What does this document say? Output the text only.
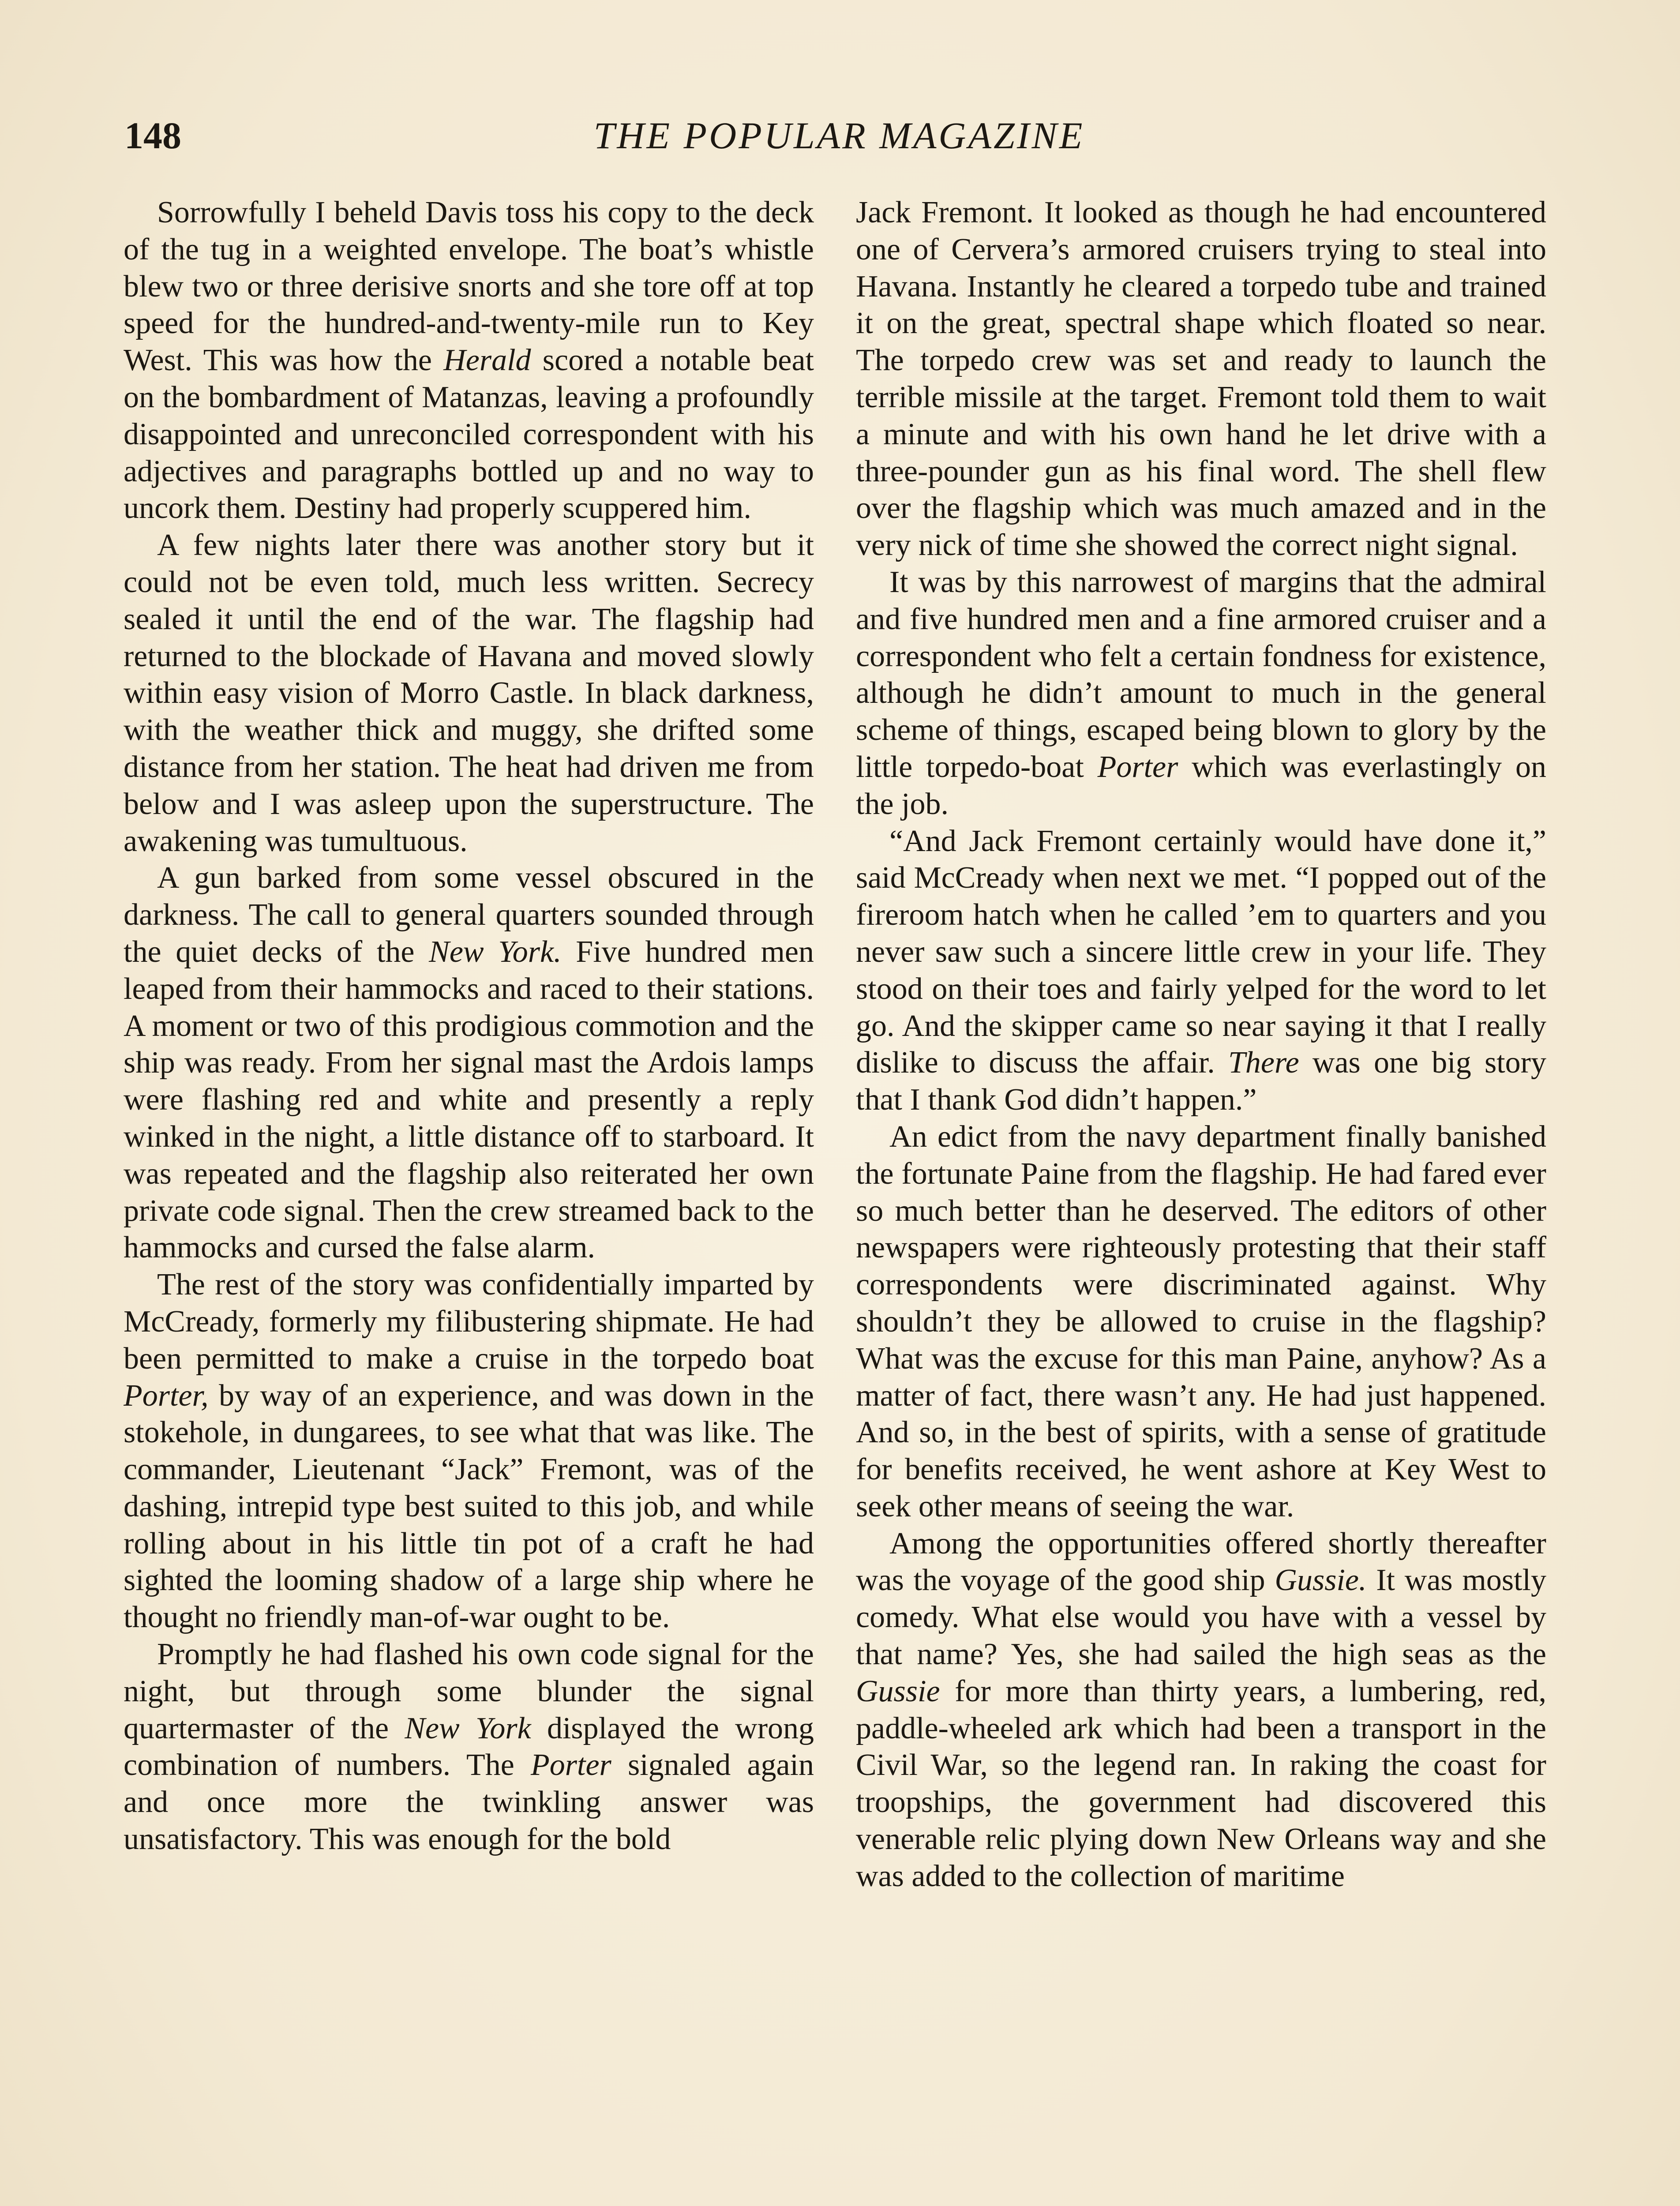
148	THE POPULAR MAGAZINE

Sorrowfully I beheld Davis toss his copy to the deck of the tug in a weighted envelope. The boat’s whistle blew two or three derisive snorts and she tore off at top speed for the hundred-and-twenty-mile run to Key West. This was how the Herald scored a notable beat on the bombardment of Matanzas, leaving a profoundly disappointed and unreconciled correspondent with his adjectives and paragraphs bottled up and no way to uncork them. Destiny had properly scuppered him.

A few nights later there was another story but it could not be even told, much less written. Secrecy sealed it until the end of the war. The flagship had returned to the blockade of Havana and moved slowly within easy vision of Morro Castle. In black darkness, with the weather thick and muggy, she drifted some distance from her station. The heat had driven me from below and I was asleep upon the superstructure. The awakening was tumultuous.

A gun barked from some vessel obscured in the darkness. The call to general quarters sounded through the quiet decks of the New York. Five hundred men leaped from their hammocks and raced to their stations. A moment or two of this prodigious commotion and the ship was ready. From her signal mast the Ardois lamps were flashing red and white and presently a reply winked in the night, a little distance off to starboard. It was repeated and the flagship also reiterated her own private code signal. Then the crew streamed back to the hammocks and cursed the false alarm.

The rest of the story was confidentially imparted by McCready, formerly my filibustering shipmate. He had been permitted to make a cruise in the torpedo boat Porter, by way of an experience, and was down in the stokehole, in dungarees, to see what that was like. The commander, Lieutenant “Jack” Fremont, was of the dashing, intrepid type best suited to this job, and while rolling about in his little tin pot of a craft he had sighted the looming shadow of a large ship where he thought no friendly man-of-war ought to be.

Promptly he had flashed his own code signal for the night, but through some blunder the signal quartermaster of the New York displayed the wrong combination of numbers. The Porter signaled again and once more the twinkling answer was unsatisfactory. This was enough for the bold

Jack Fremont. It looked as though he had encountered one of Cervera’s armored cruisers trying to steal into Havana. Instantly he cleared a torpedo tube and trained it on the great, spectral shape which floated so near. The torpedo crew was set and ready to launch the terrible missile at the target. Fremont told them to wait a minute and with his own hand he let drive with a three-pounder gun as his final word. The shell flew over the flagship which was much amazed and in the very nick of time she showed the correct night signal.

It was by this narrowest of margins that the admiral and five hundred men and a fine armored cruiser and a correspondent who felt a certain fondness for existence, although he didn’t amount to much in the general scheme of things, escaped being blown to glory by the little torpedo-boat Porter which was everlastingly on the job.

“And Jack Fremont certainly would have done it,” said McCready when next we met. “I popped out of the fireroom hatch when he called ’em to quarters and you never saw such a sincere little crew in your life. They stood on their toes and fairly yelped for the word to let go. And the skipper came so near saying it that I really dislike to discuss the affair. There was one big story that I thank God didn’t happen.”

An edict from the navy department finally banished the fortunate Paine from the flagship. He had fared ever so much better than he deserved. The editors of other newspapers were righteously protesting that their staff correspondents were discriminated against. Why shouldn’t they be allowed to cruise in the flagship? What was the excuse for this man Paine, anyhow? As a matter of fact, there wasn’t any. He had just happened. And so, in the best of spirits, with a sense of gratitude for benefits received, he went ashore at Key West to seek other means of seeing the war.

Among the opportunities offered shortly thereafter was the voyage of the good ship Gussie. It was mostly comedy. What else would you have with a vessel by that name? Yes, she had sailed the high seas as the Gussie for more than thirty years, a lumbering, red, paddle-wheeled ark which had been a transport in the Civil War, so the legend ran. In raking the coast for troopships, the government had discovered this venerable relic plying down New Orleans way and she was added to the collection of maritime
